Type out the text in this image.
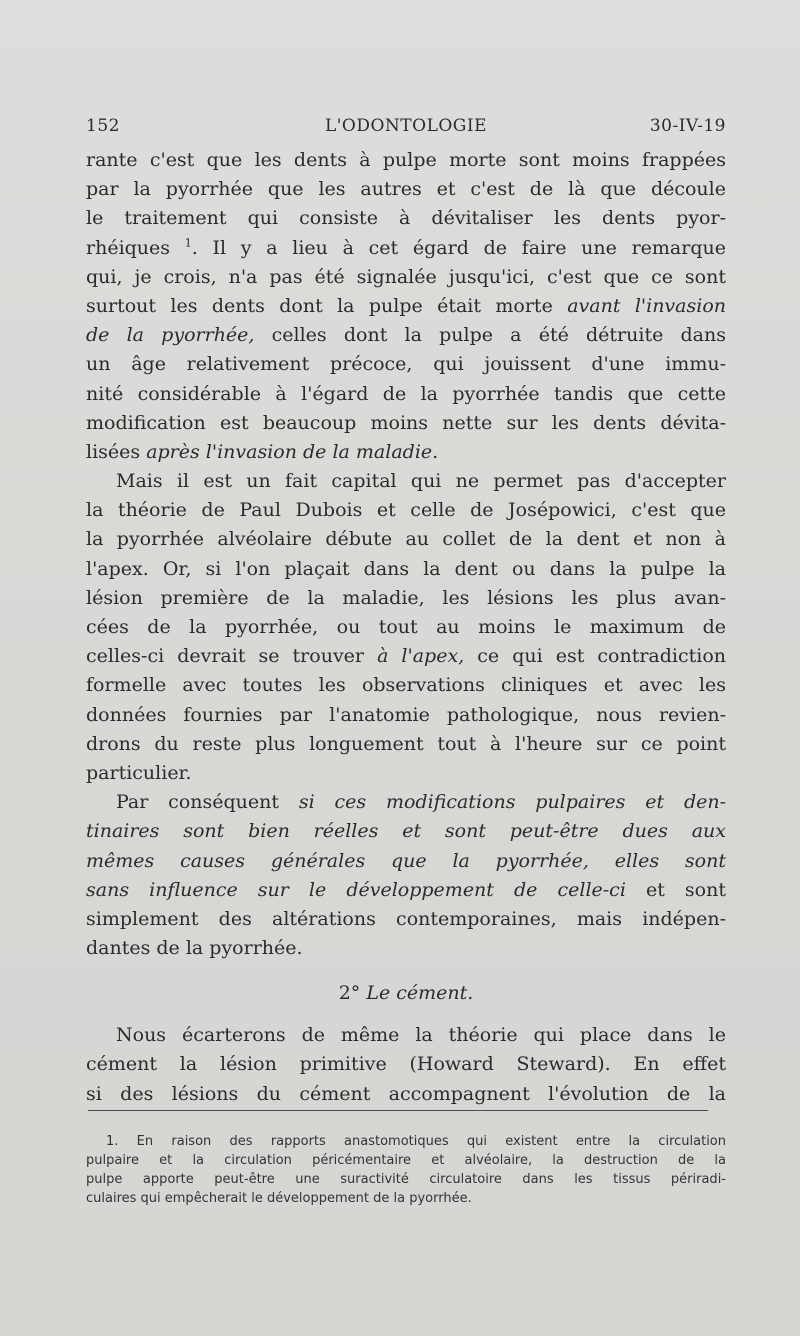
152	L'ODONTOLOGIE	30-IV-19
rante c'est que les dents à pulpe morte sont moins frappées
par la pyorrhée que les autres et c'est de là que découle
le traitement qui consiste à dévitaliser les dents pyor-
rhéiques $^1$. Il y a lieu à cet égard de faire une remarque
qui, je crois, n'a pas été signalée jusqu'ici, c'est que ce sont
surtout les dents dont la pulpe était morte avant l'invasion
de la pyorrhée, celles dont la pulpe a été détruite dans
un âge relativement précoce, qui jouissent d'une immu-
nité considérable à l'égard de la pyorrhée tandis que cette
modification est beaucoup moins nette sur les dents dévita-
lisées après l'invasion de la maladie.
Mais il est un fait capital qui ne permet pas d'accepter
la théorie de Paul Dubois et celle de Josépowici, c'est que
la pyorrhée alvéolaire débute au collet de la dent et non à
l'apex. Or, si l'on plaçait dans la dent ou dans la pulpe la
lésion première de la maladie, les lésions les plus avan-
cées de la pyorrhée, ou tout au moins le maximum de
celles-ci devrait se trouver à l'apex, ce qui est contradiction
formelle avec toutes les observations cliniques et avec les
données fournies par l'anatomie pathologique, nous revien-
drons du reste plus longuement tout à l'heure sur ce point
particulier.
Par conséquent si ces modifications pulpaires et den-
tinaires sont bien réelles et sont peut-être dues aux
mêmes causes générales que la pyorrhée, elles sont
sans influence sur le développement de celle-ci et sont
simplement des altérations contemporaines, mais indépen-
dantes de la pyorrhée.
2° Le cément.
Nous écarterons de même la théorie qui place dans le
cément la lésion primitive (Howard Steward). En effet
si des lésions du cément accompagnent l'évolution de la
1. En raison des rapports anastomotiques qui existent entre la circulation
pulpaire et la circulation péricémentaire et alvéolaire, la destruction de la
pulpe apporte peut-être une suractivité circulatoire dans les tissus périradi-
culaires qui empêcherait le développement de la pyorrhée.
